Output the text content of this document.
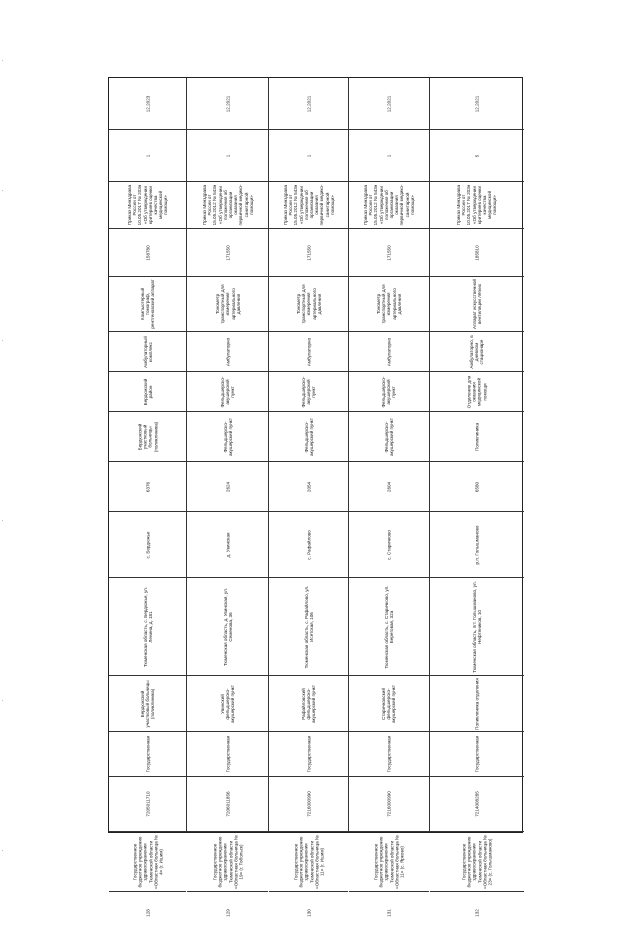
12.2023
1
Приказ Минздрава России от 10.05.2017 № 203н «Об утверждении критериев оценки качества медицинской помощи»
158780
Компьютерный томограф, рентгеновский аппарат
Амбулаторный комплекс
Бердюжский район
Бердюжский участковый больницы (поликлиника)
6376
с. Бердюжье
Тюменская область, с. Бердюжье, ул. Ленина, д. 181
Бердюжский участковый больницы (поликлиника)
Государственная
7205011710
Государственное бюджетное учреждение здравоохранения Тюменской области «Областная больница № 4» (г. Ишим)
128
12.2021
1
Приказ Минздрава России от 15.05.2012 № 543н «Об утверждении положения об организации оказания первичной медико-санитарной помощи»
171550
Тонометр транспортный для измерения артериального давления
Амбулаторно
Фельдшерско-акушерский пункт
Фельдшерско-акушерский пункт
2624
д. Увинская
Тюменская область, д. Увинская, ул. Семенова, 36
Увинский фельдшерско-акушерский пункт
Государственная
7206011856
Государственное бюджетное учреждение здравоохранения Тюменской области «Областная больница № 19» (г. Тобольск)
129
12.2021
1
Приказ Минздрава России от 15.05.2012 № 543н «Об утверждении положения об организации оказания первичной медико-санитарной помощи»
171550
Тонометр транспортный для измерения артериального давления
Амбулаторно
Фельдшерско-акушерский пункт
Фельдшерско-акушерский пункт
2054
с. Рафайлово
Тюменская область, с. Рафайлово, ул. Исетская, 106
Рафайловский фельдшерско-акушерский пункт
Государственная
7216000990
Государственное бюджетное учреждение здравоохранения Тюменской области «Областная больница № 11» (г. Ишим)
130
12.2021
1
Приказ Минздрава России от 15.05.2012 № 543н «Об утверждении положения об организации оказания первичной медико-санитарной помощи»
171550
Тонометр транспортный для измерения артериального давления
Амбулаторно
Фельдшерско-акушерский пункт
Фельдшерско-акушерский пункт
2604
с. Старичково
Тюменская область, с. Старичково, ул. Береговая, 32а
Старичковский фельдшерско-акушерский пункт
Государственная
7216000990
Государственное бюджетное учреждение здравоохранения Тюменской области «Областная больница № 11» (с. Ярково)
131
12.2021
5
Приказ Минздрава России от 10.05.2017 № 203н «Об утверждении критериев оценки качества медицинской помощи»
185810
Аппарат искусственной вентиляции лёгких
Амбулаторно, в дневном стационаре
Отделение для оказания медицинской помощи
Поликлиника
6580
р.п. Голышманово
Тюменская область, пгт. Голышманово, ул. Нефтяников, 10
Поликлиника отделения
Государственная
7214008285
Государственное бюджетное учреждение здравоохранения Тюменской области «Областная больница № 23» (с. Голышманово)
132
